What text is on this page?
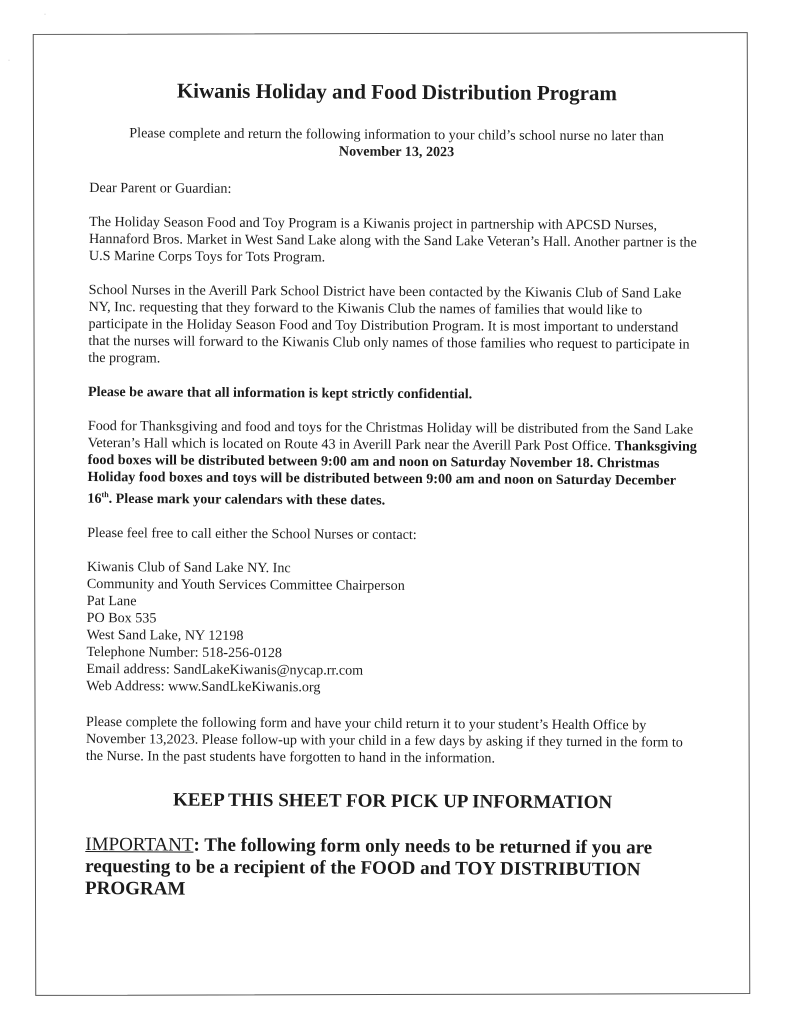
·
·
Kiwanis Holiday and Food Distribution Program
Please complete and return the following information to your child’s school nurse no later than
November 13, 2023

Dear Parent or Guardian:

The Holiday Season Food and Toy Program is a Kiwanis project in partnership with APCSD Nurses, Hannaford Bros. Market in West Sand Lake along with the Sand Lake Veteran’s Hall. Another partner is the U.S Marine Corps Toys for Tots Program.

School Nurses in the Averill Park School District have been contacted by the Kiwanis Club of Sand Lake NY, Inc. requesting that they forward to the Kiwanis Club the names of families that would like to participate in the Holiday Season Food and Toy Distribution Program. It is most important to understand that the nurses will forward to the Kiwanis Club only names of those families who request to participate in the program.

Please be aware that all information is kept strictly confidential.

Food for Thanksgiving and food and toys for the Christmas Holiday will be distributed from the Sand Lake Veteran’s Hall which is located on Route 43 in Averill Park near the Averill Park Post Office. Thanksgiving food boxes will be distributed between 9:00 am and noon on Saturday November 18. Christmas Holiday food boxes and toys will be distributed between 9:00 am and noon on Saturday December 16th. Please mark your calendars with these dates.

Please feel free to call either the School Nurses or contact:

Kiwanis Club of Sand Lake NY. Inc
Community and Youth Services Committee Chairperson
Pat Lane
PO Box 535
West Sand Lake, NY 12198
Telephone Number: 518-256-0128
Email address: SandLakeKiwanis@nycap.rr.com
Web Address: www.SandLkeKiwanis.org

Please complete the following form and have your child return it to your student’s Health Office by November 13,2023. Please follow-up with your child in a few days by asking if they turned in the form to the Nurse. In the past students have forgotten to hand in the information.

KEEP THIS SHEET FOR PICK UP INFORMATION

IMPORTANT: The following form only needs to be returned if you are requesting to be a recipient of the FOOD and TOY DISTRIBUTION PROGRAM
